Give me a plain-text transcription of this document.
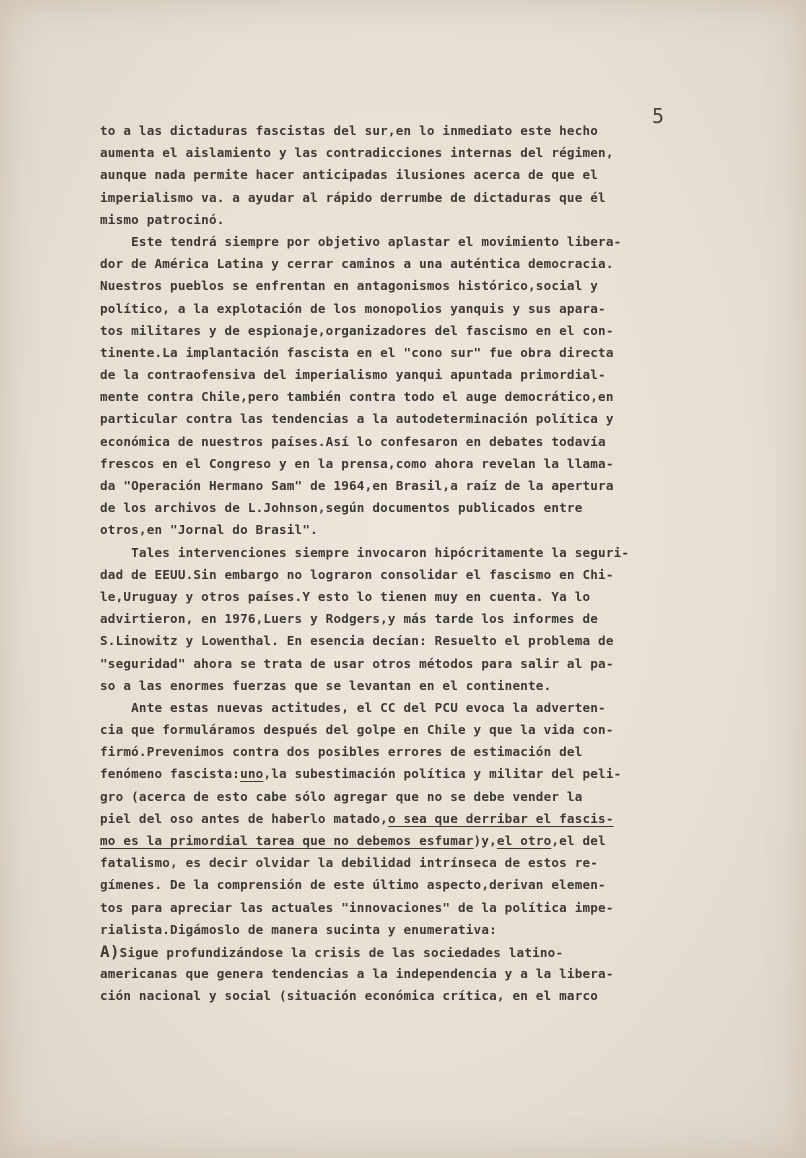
5
to a las dictaduras fascistas del sur,en lo inmediato este hecho
aumenta el aislamiento y las contradicciones internas del régimen,
aunque nada permite hacer anticipadas ilusiones acerca de que el
imperialismo va. a ayudar al rápido derrumbe de dictaduras que él
mismo patrocinó.
Este tendrá siempre por objetivo aplastar el movimiento libera-
dor de América Latina y cerrar caminos a una auténtica democracia.
Nuestros pueblos se enfrentan en antagonismos histórico,social y
político, a la explotación de los monopolios yanquis y sus apara-
tos militares y de espionaje,organizadores del fascismo en el con-
tinente.La implantación fascista en el "cono sur" fue obra directa
de la contraofensiva del imperialismo yanqui apuntada primordial-
mente contra Chile,pero también contra todo el auge democrático,en
particular contra las tendencias a la autodeterminación política y
económica de nuestros países.Así lo confesaron en debates todavía
frescos en el Congreso y en la prensa,como ahora revelan la llama-
da "Operación Hermano Sam" de 1964,en Brasil,a raíz de la apertura
de los archivos de L.Johnson,según documentos publicados entre
otros,en "Jornal do Brasil".
Tales intervenciones siempre invocaron hipócritamente la seguri-
dad de EEUU.Sin embargo no lograron consolidar el fascismo en Chi-
le,Uruguay y otros países.Y esto lo tienen muy en cuenta. Ya lo
advirtieron, en 1976,Luers y Rodgers,y más tarde los informes de
S.Linowitz y Lowenthal. En esencia decían: Resuelto el problema de
"seguridad" ahora se trata de usar otros métodos para salir al pa-
so a las enormes fuerzas que se levantan en el continente.
Ante estas nuevas actitudes, el CC del PCU evoca la adverten-
cia que formuláramos después del golpe en Chile y que la vida con-
firmó.Prevenimos contra dos posibles errores de estimación del
fenómeno fascista:uno,la subestimación política y militar del peli-
gro (acerca de esto cabe sólo agregar que no se debe vender la
piel del oso antes de haberlo matado,o sea que derribar el fascis-
mo es la primordial tarea que no debemos esfumar)y,el otro,el del
fatalismo, es decir olvidar la debilidad intrínseca de estos re-
gímenes. De la comprensión de este último aspecto,derivan elemen-
tos para apreciar las actuales "innovaciones" de la política impe-
rialista.Digámoslo de manera sucinta y enumerativa:
A)Sigue profundizándose la crisis de las sociedades latino-
americanas que genera tendencias a la independencia y a la libera-
ción nacional y social (situación económica crítica, en el marco
